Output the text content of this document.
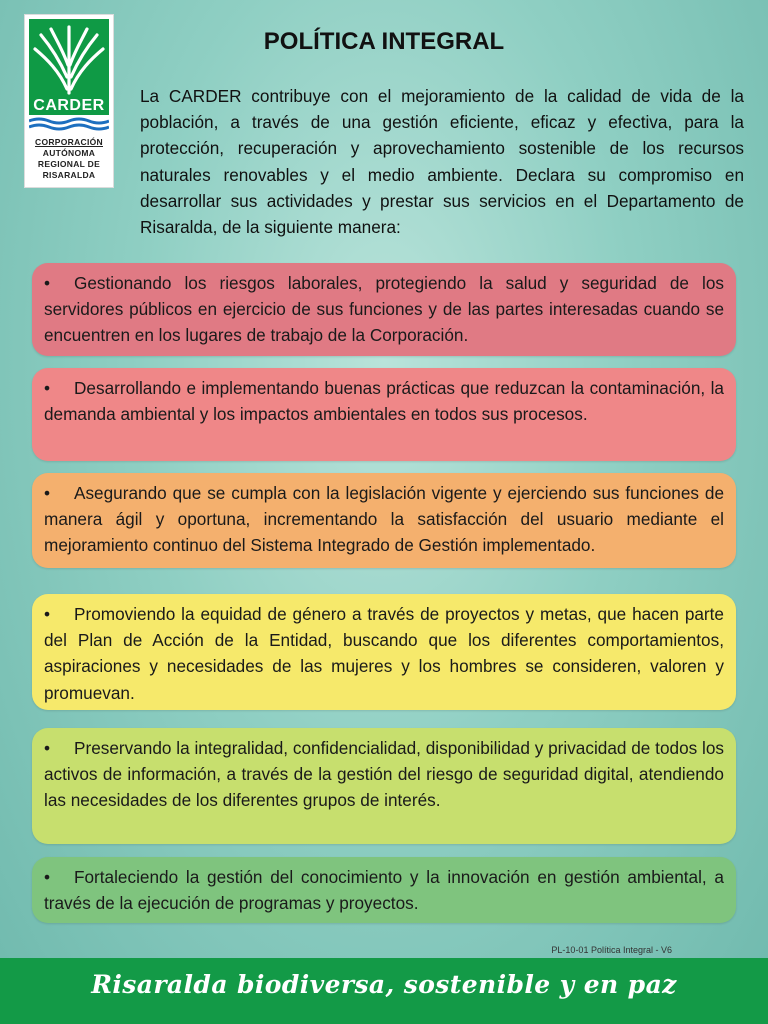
CARDER
CORPORACIÓN
AUTÓNOMA
REGIONAL DE
RISARALDA
POLÍTICA INTEGRAL
La CARDER contribuye con el mejoramiento de la calidad de vida de la población, a través de una gestión eficiente, eficaz y efectiva, para la protección, recuperación y aprovechamiento sostenible de los recursos naturales renovables y el medio ambiente. Declara su compromiso en desarrollar sus actividades y prestar sus servicios en el Departamento de Risaralda, de la siguiente manera:
• Gestionando los riesgos laborales, protegiendo la salud y seguridad de los servidores públicos en ejercicio de sus funciones y de las partes interesadas cuando se encuentren en los lugares de trabajo de la Corporación.
• Desarrollando e implementando buenas prácticas que reduzcan la contaminación, la demanda ambiental y los impactos ambientales en todos sus procesos.
• Asegurando que se cumpla con la legislación vigente y ejerciendo sus funciones de manera ágil y oportuna, incrementando la satisfacción del usuario mediante el mejoramiento continuo del Sistema Integrado de Gestión implementado.
• Promoviendo la equidad de género a través de proyectos y metas, que hacen parte del Plan de Acción de la Entidad, buscando que los diferentes comportamientos, aspiraciones y necesidades de las mujeres y los hombres se consideren, valoren y promuevan.
• Preservando la integralidad, confidencialidad, disponibilidad y privacidad de todos los activos de información, a través de la gestión del riesgo de seguridad digital, atendiendo las necesidades de los diferentes grupos de interés.
• Fortaleciendo la gestión del conocimiento y la innovación en gestión ambiental, a través de la ejecución de programas y proyectos.
PL-10-01 Política Integral - V6
Risaralda biodiversa, sostenible y en paz
